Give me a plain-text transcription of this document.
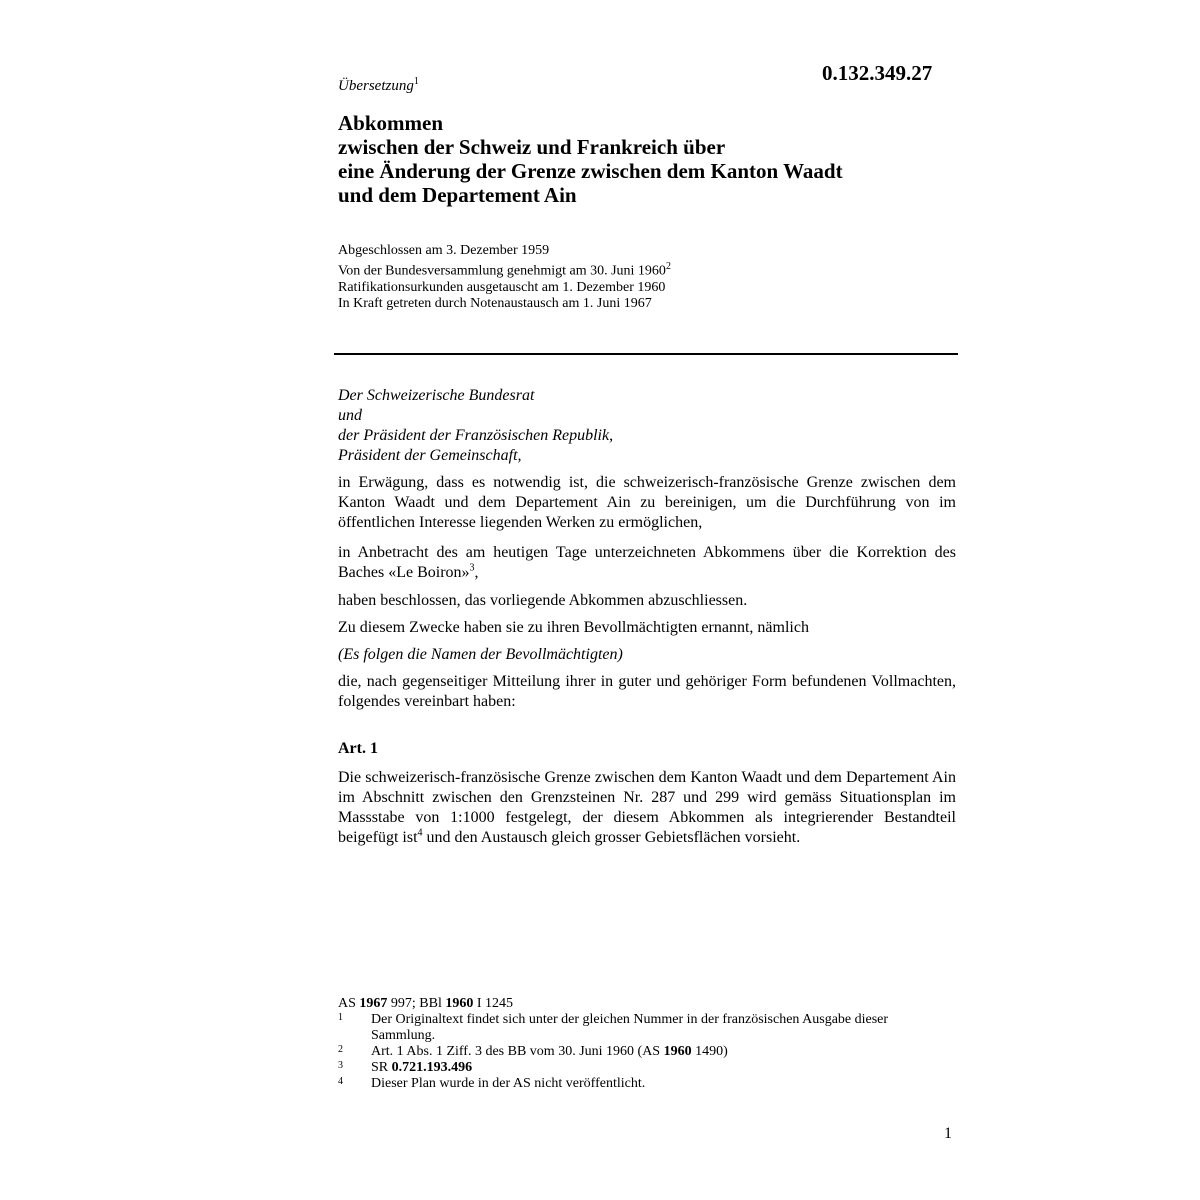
Übersetzung$^1$	0.132.349.27
Abkommen
zwischen der Schweiz und Frankreich über
eine Änderung der Grenze zwischen dem Kanton Waadt
und dem Departement Ain
Abgeschlossen am 3. Dezember 1959
Von der Bundesversammlung genehmigt am 30. Juni 1960$^2$
Ratifikationsurkunden ausgetauscht am 1. Dezember 1960
In Kraft getreten durch Notenaustausch am 1. Juni 1967
Der Schweizerische Bundesrat
und
der Präsident der Französischen Republik,
Präsident der Gemeinschaft,
in Erwägung, dass es notwendig ist, die schweizerisch-französische Grenze zwischen dem Kanton Waadt und dem Departement Ain zu bereinigen, um die Durchführung von im öffentlichen Interesse liegenden Werken zu ermöglichen,
in Anbetracht des am heutigen Tage unterzeichneten Abkommens über die Korrektion des Baches «Le Boiron»$^3$,
haben beschlossen, das vorliegende Abkommen abzuschliessen.
Zu diesem Zwecke haben sie zu ihren Bevollmächtigten ernannt, nämlich
(Es folgen die Namen der Bevollmächtigten)
die, nach gegenseitiger Mitteilung ihrer in guter und gehöriger Form befundenen Vollmachten, folgendes vereinbart haben:
Art. 1
Die schweizerisch-französische Grenze zwischen dem Kanton Waadt und dem Departement Ain im Abschnitt zwischen den Grenzsteinen Nr. 287 und 299 wird gemäss Situationsplan im Massstabe von 1:1000 festgelegt, der diesem Abkommen als integrierender Bestandteil beigefügt ist$^4$ und den Austausch gleich grosser Gebietsflächen vorsieht.
AS 1967 997; BBl 1960 I 1245
1	Der Originaltext findet sich unter der gleichen Nummer in der französischen Ausgabe dieser Sammlung.
2	Art. 1 Abs. 1 Ziff. 3 des BB vom 30. Juni 1960 (AS 1960 1490)
3	SR 0.721.193.496
4	Dieser Plan wurde in der AS nicht veröffentlicht.
1
